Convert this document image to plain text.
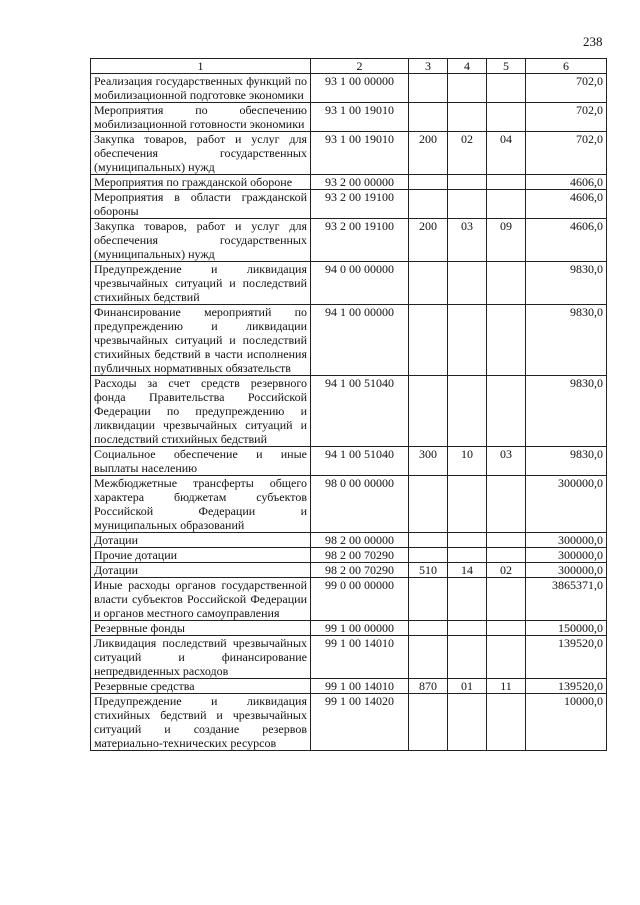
238
1	2	3	4	5	6
Реализация государственных функций по мобилизационной подготовке экономики	93 1 00 00000				702,0
Мероприятия по обеспечению мобилизационной готовности экономики	93 1 00 19010				702,0
Закупка товаров, работ и услуг для обеспечения государственных (муниципальных) нужд	93 1 00 19010	200	02	04	702,0
Мероприятия по гражданской обороне	93 2 00 00000				4606,0
Мероприятия в области гражданской обороны	93 2 00 19100				4606,0
Закупка товаров, работ и услуг для обеспечения государственных (муниципальных) нужд	93 2 00 19100	200	03	09	4606,0
Предупреждение и ликвидация чрезвычайных ситуаций и последствий стихийных бедствий	94 0 00 00000				9830,0
Финансирование мероприятий по предупреждению и ликвидации чрезвычайных ситуаций и последствий стихийных бедствий в части исполнения публичных нормативных обязательств	94 1 00 00000				9830,0
Расходы за счет средств резервного фонда Правительства Российской Федерации по предупреждению и ликвидации чрезвычайных ситуаций и последствий стихийных бедствий	94 1 00 51040				9830,0
Социальное обеспечение и иные выплаты населению	94 1 00 51040	300	10	03	9830,0
Межбюджетные трансферты общего характера бюджетам субъектов Российской Федерации и муниципальных образований	98 0 00 00000				300000,0
Дотации	98 2 00 00000				300000,0
Прочие дотации	98 2 00 70290				300000,0
Дотации	98 2 00 70290	510	14	02	300000,0
Иные расходы органов государственной власти субъектов Российской Федерации и органов местного самоуправления	99 0 00 00000				3865371,0
Резервные фонды	99 1 00 00000				150000,0
Ликвидация последствий чрезвычайных ситуаций и финансирование непредвиденных расходов	99 1 00 14010				139520,0
Резервные средства	99 1 00 14010	870	01	11	139520,0
Предупреждение и ликвидация стихийных бедствий и чрезвычайных ситуаций и создание резервов материально-технических ресурсов	99 1 00 14020				10000,0
